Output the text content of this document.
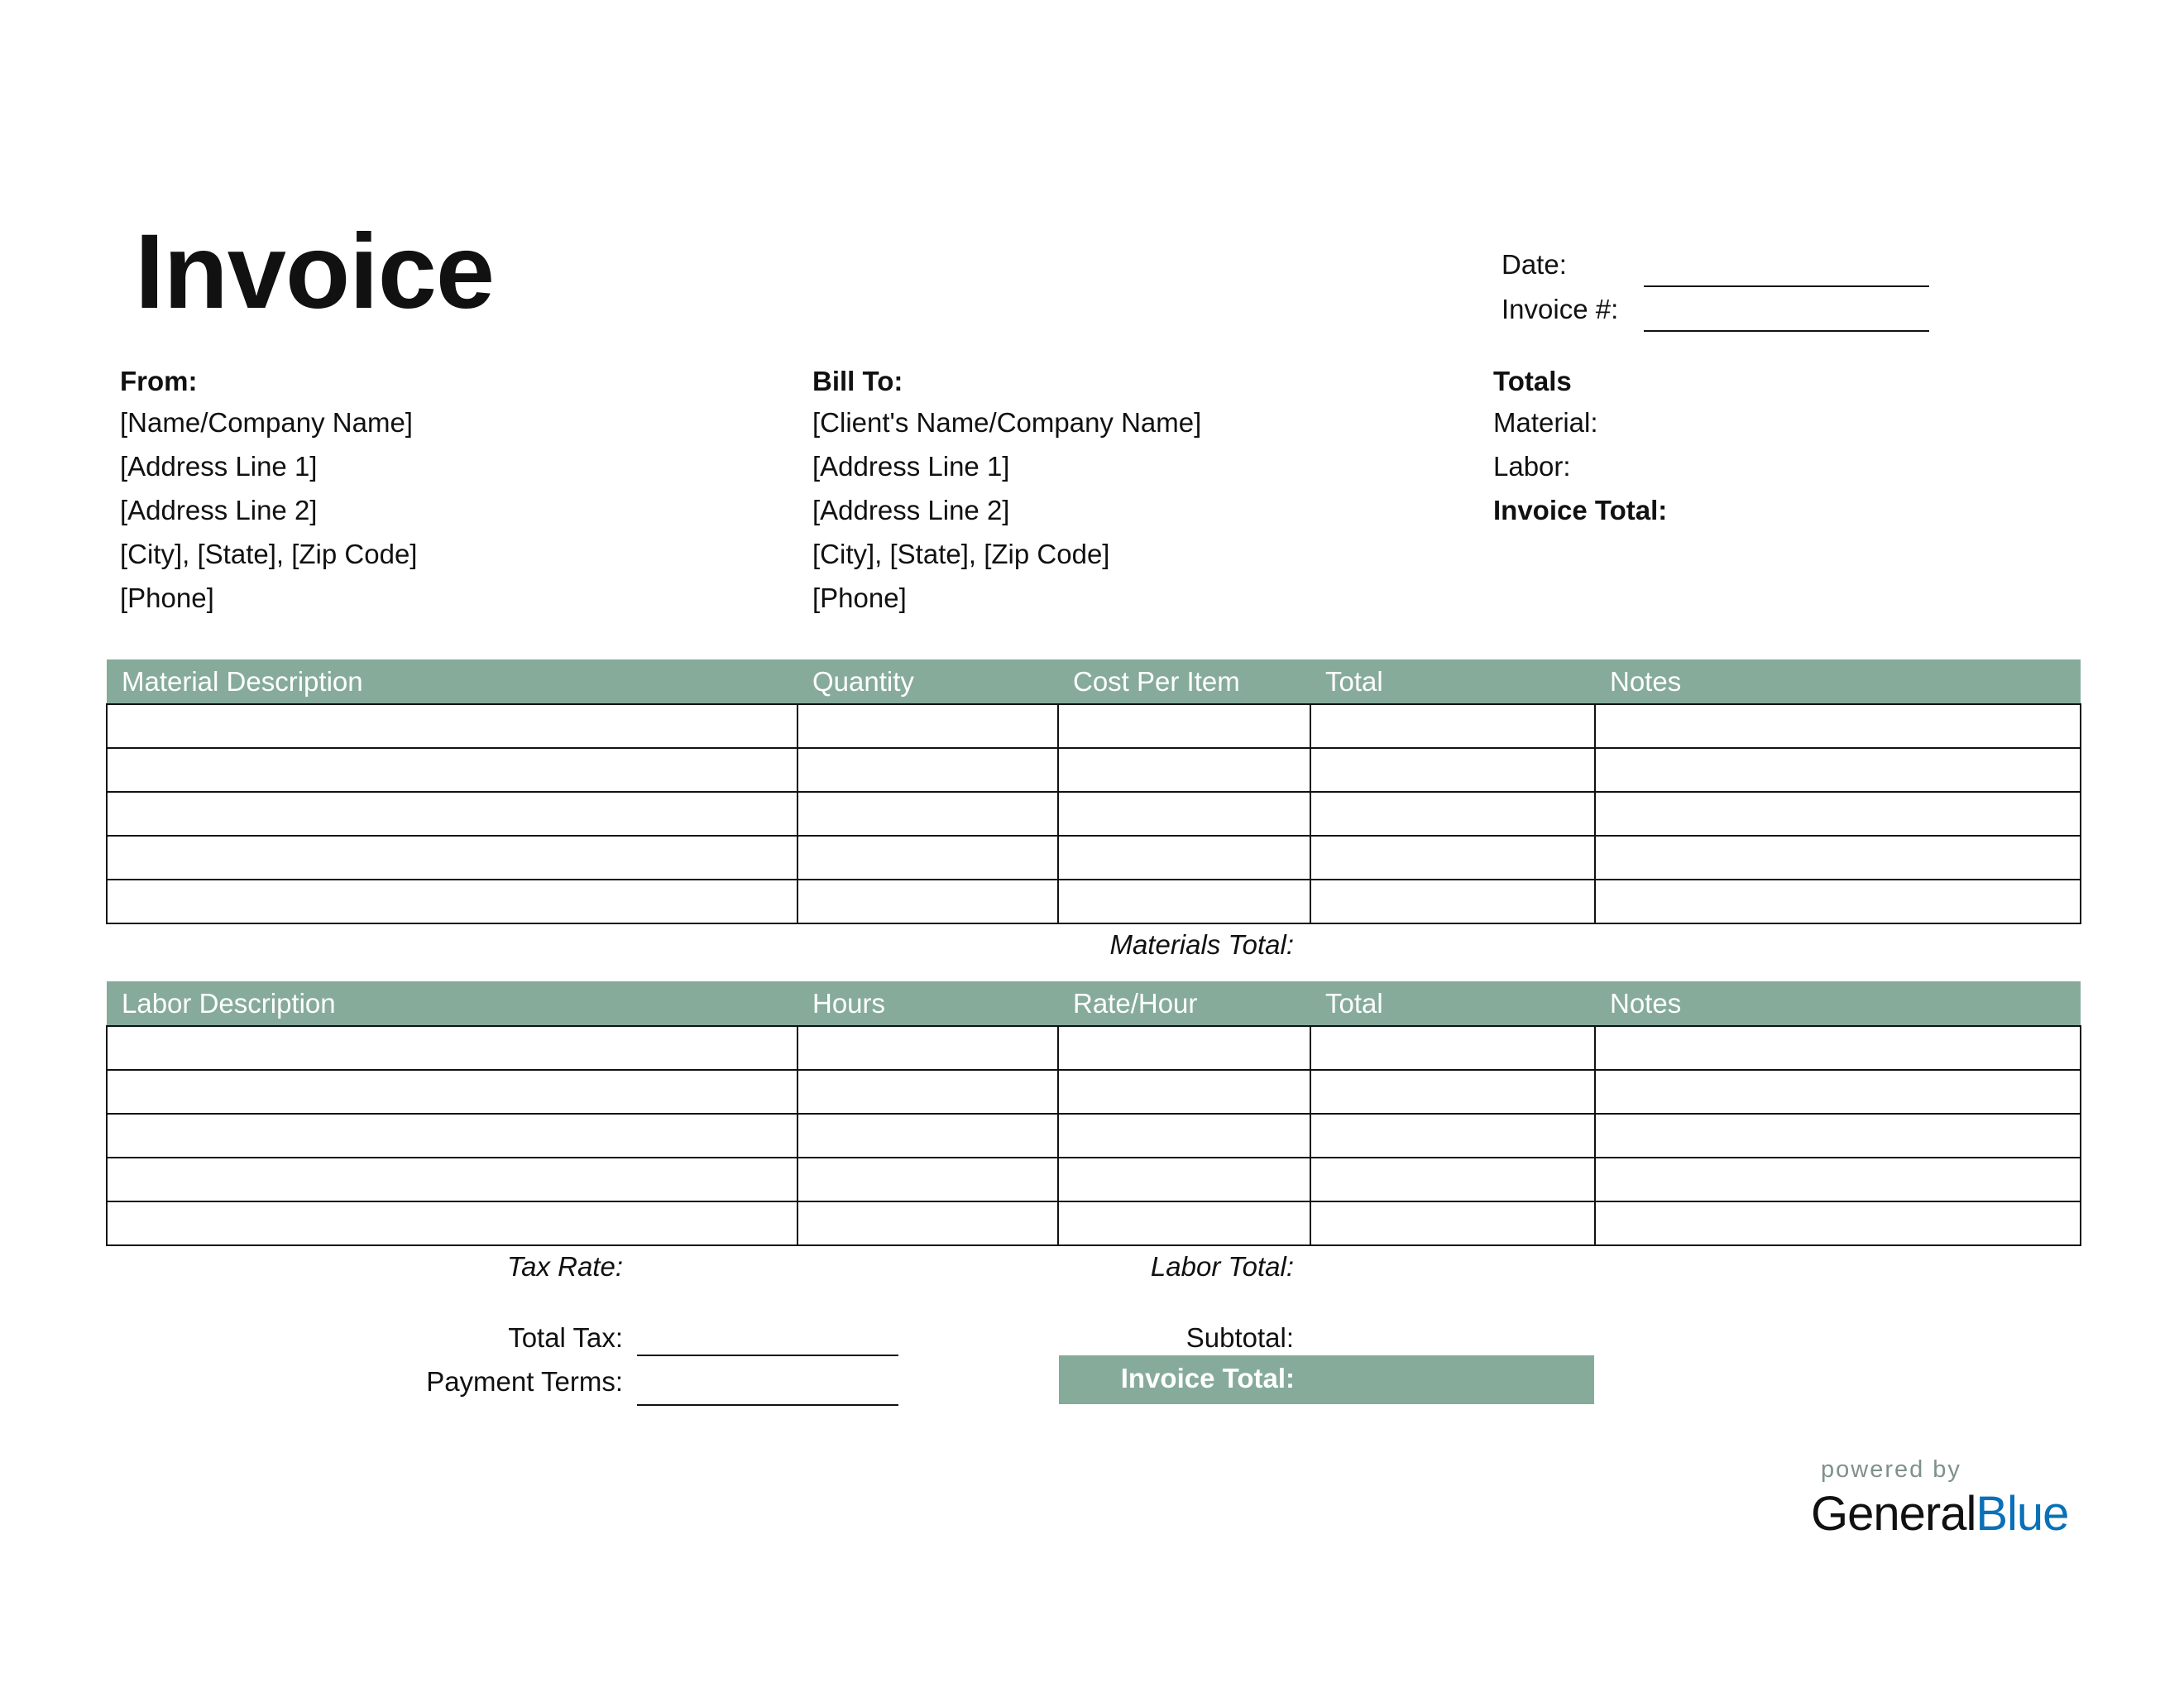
Invoice	Date:
Invoice #:
From:
[Name/Company Name]
[Address Line 1]
[Address Line 2]
[City], [State], [Zip Code]
[Phone]
Bill To:
[Client's Name/Company Name]
[Address Line 1]
[Address Line 2]
[City], [State], [Zip Code]
[Phone]
Totals
Material:
Labor:
Invoice Total:
Material Description	Quantity	Cost Per Item	Total	Notes

Materials Total:
Labor Description	Hours	Rate/Hour	Total	Notes

Tax Rate:	Labor Total:
Total Tax:
Payment Terms:
Subtotal:
Invoice Total:
powered by
GeneralBlue
